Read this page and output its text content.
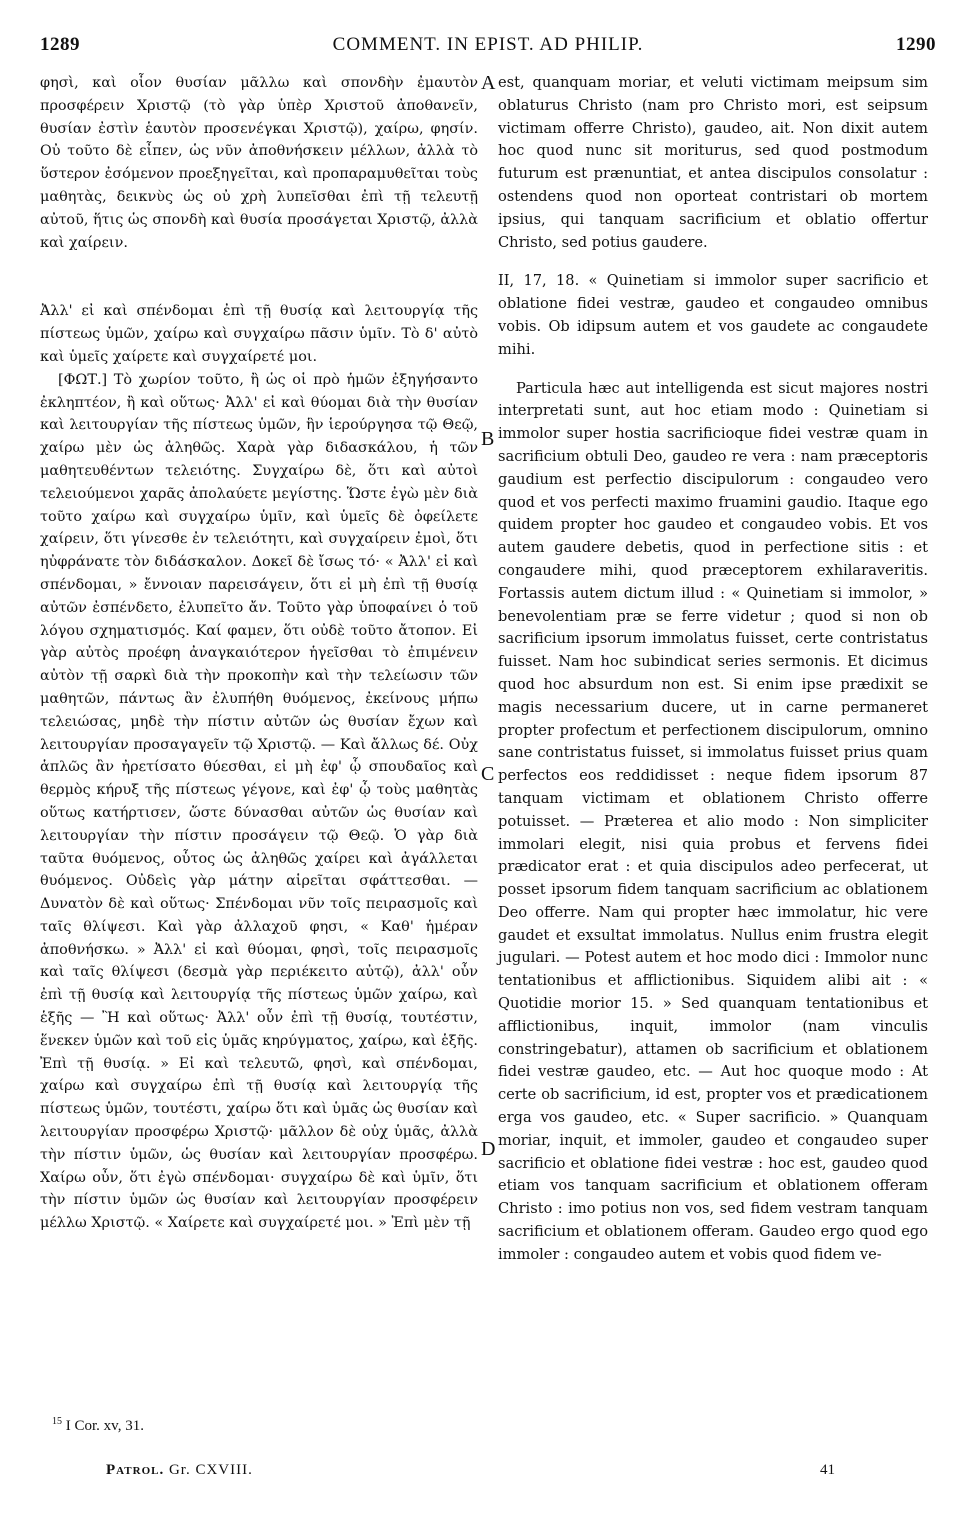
1289	COMMENT. IN EPIST. AD PHILIP.	1290

φησὶ, καὶ οἷον θυσίαν μᾶλλω καὶ σπονδὴν ἐμαυτὸν προσφέρειν Χριστῷ (τὸ γὰρ ὑπὲρ Χριστοῦ ἀποθανεῖν, θυσίαν ἐστὶν ἑαυτὸν προσενέγκαι Χριστῷ), χαίρω, φησίν. Οὐ τοῦτο δὲ εἶπεν, ὡς νῦν ἀποθνήσκειν μέλλων, ἀλλὰ τὸ ὕστερον ἐσόμενον προεξηγεῖται, καὶ προπαραμυθεῖται τοὺς μαθητὰς, δεικνὺς ὡς οὐ χρὴ λυπεῖσθαι ἐπὶ τῇ τελευτῇ αὐτοῦ, ἥτις ὡς σπονδὴ καὶ θυσία προσάγεται Χριστῷ, ἀλλὰ καὶ χαίρειν.

Ἀλλ' εἰ καὶ σπένδομαι ἐπὶ τῇ θυσίᾳ καὶ λειτουργίᾳ τῆς πίστεως ὑμῶν, χαίρω καὶ συγχαίρω πᾶσιν ὑμῖν. Τὸ δ' αὐτὸ καὶ ὑμεῖς χαίρετε καὶ συγχαίρετέ μοι.

[ΦΩΤ.] Τὸ χωρίον τοῦτο, ἢ ὡς οἱ πρὸ ἡμῶν ἐξηγήσαντο ἐκληπτέον, ἢ καὶ οὕτως· Ἀλλ' εἰ καὶ θύομαι διὰ τὴν θυσίαν καὶ λειτουργίαν τῆς πίστεως ὑμῶν, ἣν ἱερούργησα τῷ Θεῷ, χαίρω μὲν ὡς ἀληθῶς. Χαρὰ γὰρ διδασκάλου, ἡ τῶν μαθητευθέντων τελειότης. Συγχαίρω δὲ, ὅτι καὶ αὐτοὶ τελειούμενοι χαρᾶς ἀπολαύετε μεγίστης. Ὥστε ἐγὼ μὲν διὰ τοῦτο χαίρω καὶ συγχαίρω ὑμῖν, καὶ ὑμεῖς δὲ ὀφείλετε χαίρειν, ὅτι γίνεσθε ἐν τελειότητι, καὶ συγχαίρειν ἐμοὶ, ὅτι ηὐφράνατε τὸν διδάσκαλον. Δοκεῖ δὲ ἴσως τό· « Ἀλλ' εἰ καὶ σπένδομαι, » ἔννοιαν παρεισάγειν, ὅτι εἰ μὴ ἐπὶ τῇ θυσίᾳ αὐτῶν ἐσπένδετο, ἐλυπεῖτο ἄν. Τοῦτο γὰρ ὑποφαίνει ὁ τοῦ λόγου σχηματισμός. Καί φαμεν, ὅτι οὐδὲ τοῦτο ἄτοπον. Εἰ γὰρ αὐτὸς προέφη ἀναγκαιότερον ἡγεῖσθαι τὸ ἐπιμένειν αὐτὸν τῇ σαρκὶ διὰ τὴν προκοπὴν καὶ τὴν τελείωσιν τῶν μαθητῶν, πάντως ἂν ἐλυπήθη θυόμενος, ἐκείνους μήπω τελειώσας, μηδὲ τὴν πίστιν αὐτῶν ὡς θυσίαν ἔχων καὶ λειτουργίαν προσαγαγεῖν τῷ Χριστῷ. — Καὶ ἄλλως δέ. Οὐχ ἁπλῶς ἂν ἠρετίσατο θύεσθαι, εἰ μὴ ἐφ' ᾧ σπουδαῖος καὶ θερμὸς κήρυξ τῆς πίστεως γέγονε, καὶ ἐφ' ᾧ τοὺς μαθητὰς οὕτως κατήρτισεν, ὥστε δύνασθαι αὐτῶν ὡς θυσίαν καὶ λειτουργίαν τὴν πίστιν προσάγειν τῷ Θεῷ. Ὁ γὰρ διὰ ταῦτα θυόμενος, οὗτος ὡς ἀληθῶς χαίρει καὶ ἀγάλλεται θυόμενος. Οὐδεὶς γὰρ μάτην αἱρεῖται σφάττεσθαι. — Δυνατὸν δὲ καὶ οὕτως· Σπένδομαι νῦν τοῖς πειρασμοῖς καὶ ταῖς θλίψεσι. Καὶ γὰρ ἀλλαχοῦ φησι, « Καθ' ἡμέραν ἀποθνήσκω. » Ἀλλ' εἰ καὶ θύομαι, φησὶ, τοῖς πειρασμοῖς καὶ ταῖς θλίψεσι (δεσμὰ γὰρ περιέκειτο αὐτῷ), ἀλλ' οὖν ἐπὶ τῇ θυσίᾳ καὶ λειτουργίᾳ τῆς πίστεως ὑμῶν χαίρω, καὶ ἑξῆς — Ἢ καὶ οὕτως· Ἀλλ' οὖν ἐπὶ τῇ θυσίᾳ, τουτέστιν, ἕνεκεν ὑμῶν καὶ τοῦ εἰς ὑμᾶς κηρύγματος, χαίρω, καὶ ἑξῆς. Ἐπὶ τῇ θυσίᾳ. » Εἰ καὶ τελευτῶ, φησὶ, καὶ σπένδομαι, χαίρω καὶ συγχαίρω ἐπὶ τῇ θυσίᾳ καὶ λειτουργίᾳ τῆς πίστεως ὑμῶν, τουτέστι, χαίρω ὅτι καὶ ὑμᾶς ὡς θυσίαν καὶ λειτουργίαν προσφέρω Χριστῷ· μᾶλλον δὲ οὐχ ὑμᾶς, ἀλλὰ τὴν πίστιν ὑμῶν, ὡς θυσίαν καὶ λειτουργίαν προσφέρω. Χαίρω οὖν, ὅτι ἐγὼ σπένδομαι· συγχαίρω δὲ καὶ ὑμῖν, ὅτι τὴν πίστιν ὑμῶν ὡς θυσίαν καὶ λειτουργίαν προσφέρειν μέλλω Χριστῷ. « Χαίρετε καὶ συγχαίρετέ μοι. » Ἐπὶ μὲν τῇ

est, quanquam moriar, et veluti victimam meipsum sim oblaturus Christo (nam pro Christo mori, est seipsum victimam offerre Christo), gaudeo, ait. Non dixit autem hoc quod nunc sit moriturus, sed quod postmodum futurum est prænuntiat, et antea discipulos consolatur : ostendens quod non oporteat contristari ob mortem ipsius, qui tanquam sacrificium et oblatio offertur Christo, sed potius gaudere.

II, 17, 18. « Quinetiam si immolor super sacrificio et oblatione fidei vestræ, gaudeo et congaudeo omnibus vobis. Ob idipsum autem et vos gaudete ac congaudete mihi.

Particula hæc aut intelligenda est sicut majores nostri interpretati sunt, aut hoc etiam modo : Quinetiam si immolor super hostia sacrificioque fidei vestræ quam in sacrificium obtuli Deo, gaudeo re vera : nam præceptoris gaudium est perfectio discipulorum : congaudeo vero quod et vos perfecti maximo fruamini gaudio. Itaque ego quidem propter hoc gaudeo et congaudeo vobis. Et vos autem gaudere debetis, quod in perfectione sitis : et congaudere mihi, quod præceptorem exhilaraveritis. Fortassis autem dictum illud : « Quinetiam si immolor, » benevolentiam præ se ferre videtur ; quod si non ob sacrificium ipsorum immolatus fuisset, certe contristatus fuisset. Nam hoc subindicat series sermonis. Et dicimus quod hoc absurdum non est. Si enim ipse prædixit se magis necessarium ducere, ut in carne permaneret propter profectum et perfectionem discipulorum, omnino sane contristatus fuisset, si immolatus fuisset prius quam perfectos eos reddidisset : neque fidem ipsorum 87 tanquam victimam et oblationem Christo offerre potuisset. — Præterea et alio modo : Non simpliciter immolari elegit, nisi quia probus et fervens fidei prædicator erat : et quia discipulos adeo perfecerat, ut posset ipsorum fidem tanquam sacrificium ac oblationem Deo offerre. Nam qui propter hæc immolatur, hic vere gaudet et exsultat immolatus. Nullus enim frustra elegit jugulari. — Potest autem et hoc modo dici : Immolor nunc tentationibus et afflictionibus. Siquidem alibi ait : « Quotidie morior 15. » Sed quanquam tentationibus et afflictionibus, inquit, immolor (nam vinculis constringebatur), attamen ob sacrificium et oblationem fidei vestræ gaudeo, etc. — Aut hoc quoque modo : At certe ob sacrificium, id est, propter vos et prædicationem erga vos gaudeo, etc. « Super sacrificio. » Quanquam moriar, inquit, et immoler, gaudeo et congaudeo super sacrificio et oblatione fidei vestræ : hoc est, gaudeo quod etiam vos tanquam sacrificium et oblationem offeram Christo : imo potius non vos, sed fidem vestram tanquam sacrificium et oblationem offeram. Gaudeo ergo quod ego immoler : congaudeo autem et vobis quod fidem ve-

A
B
C
D
$^{15}$ I Cor. xv, 31.
Patrol. Gr. CXVIII.	41
